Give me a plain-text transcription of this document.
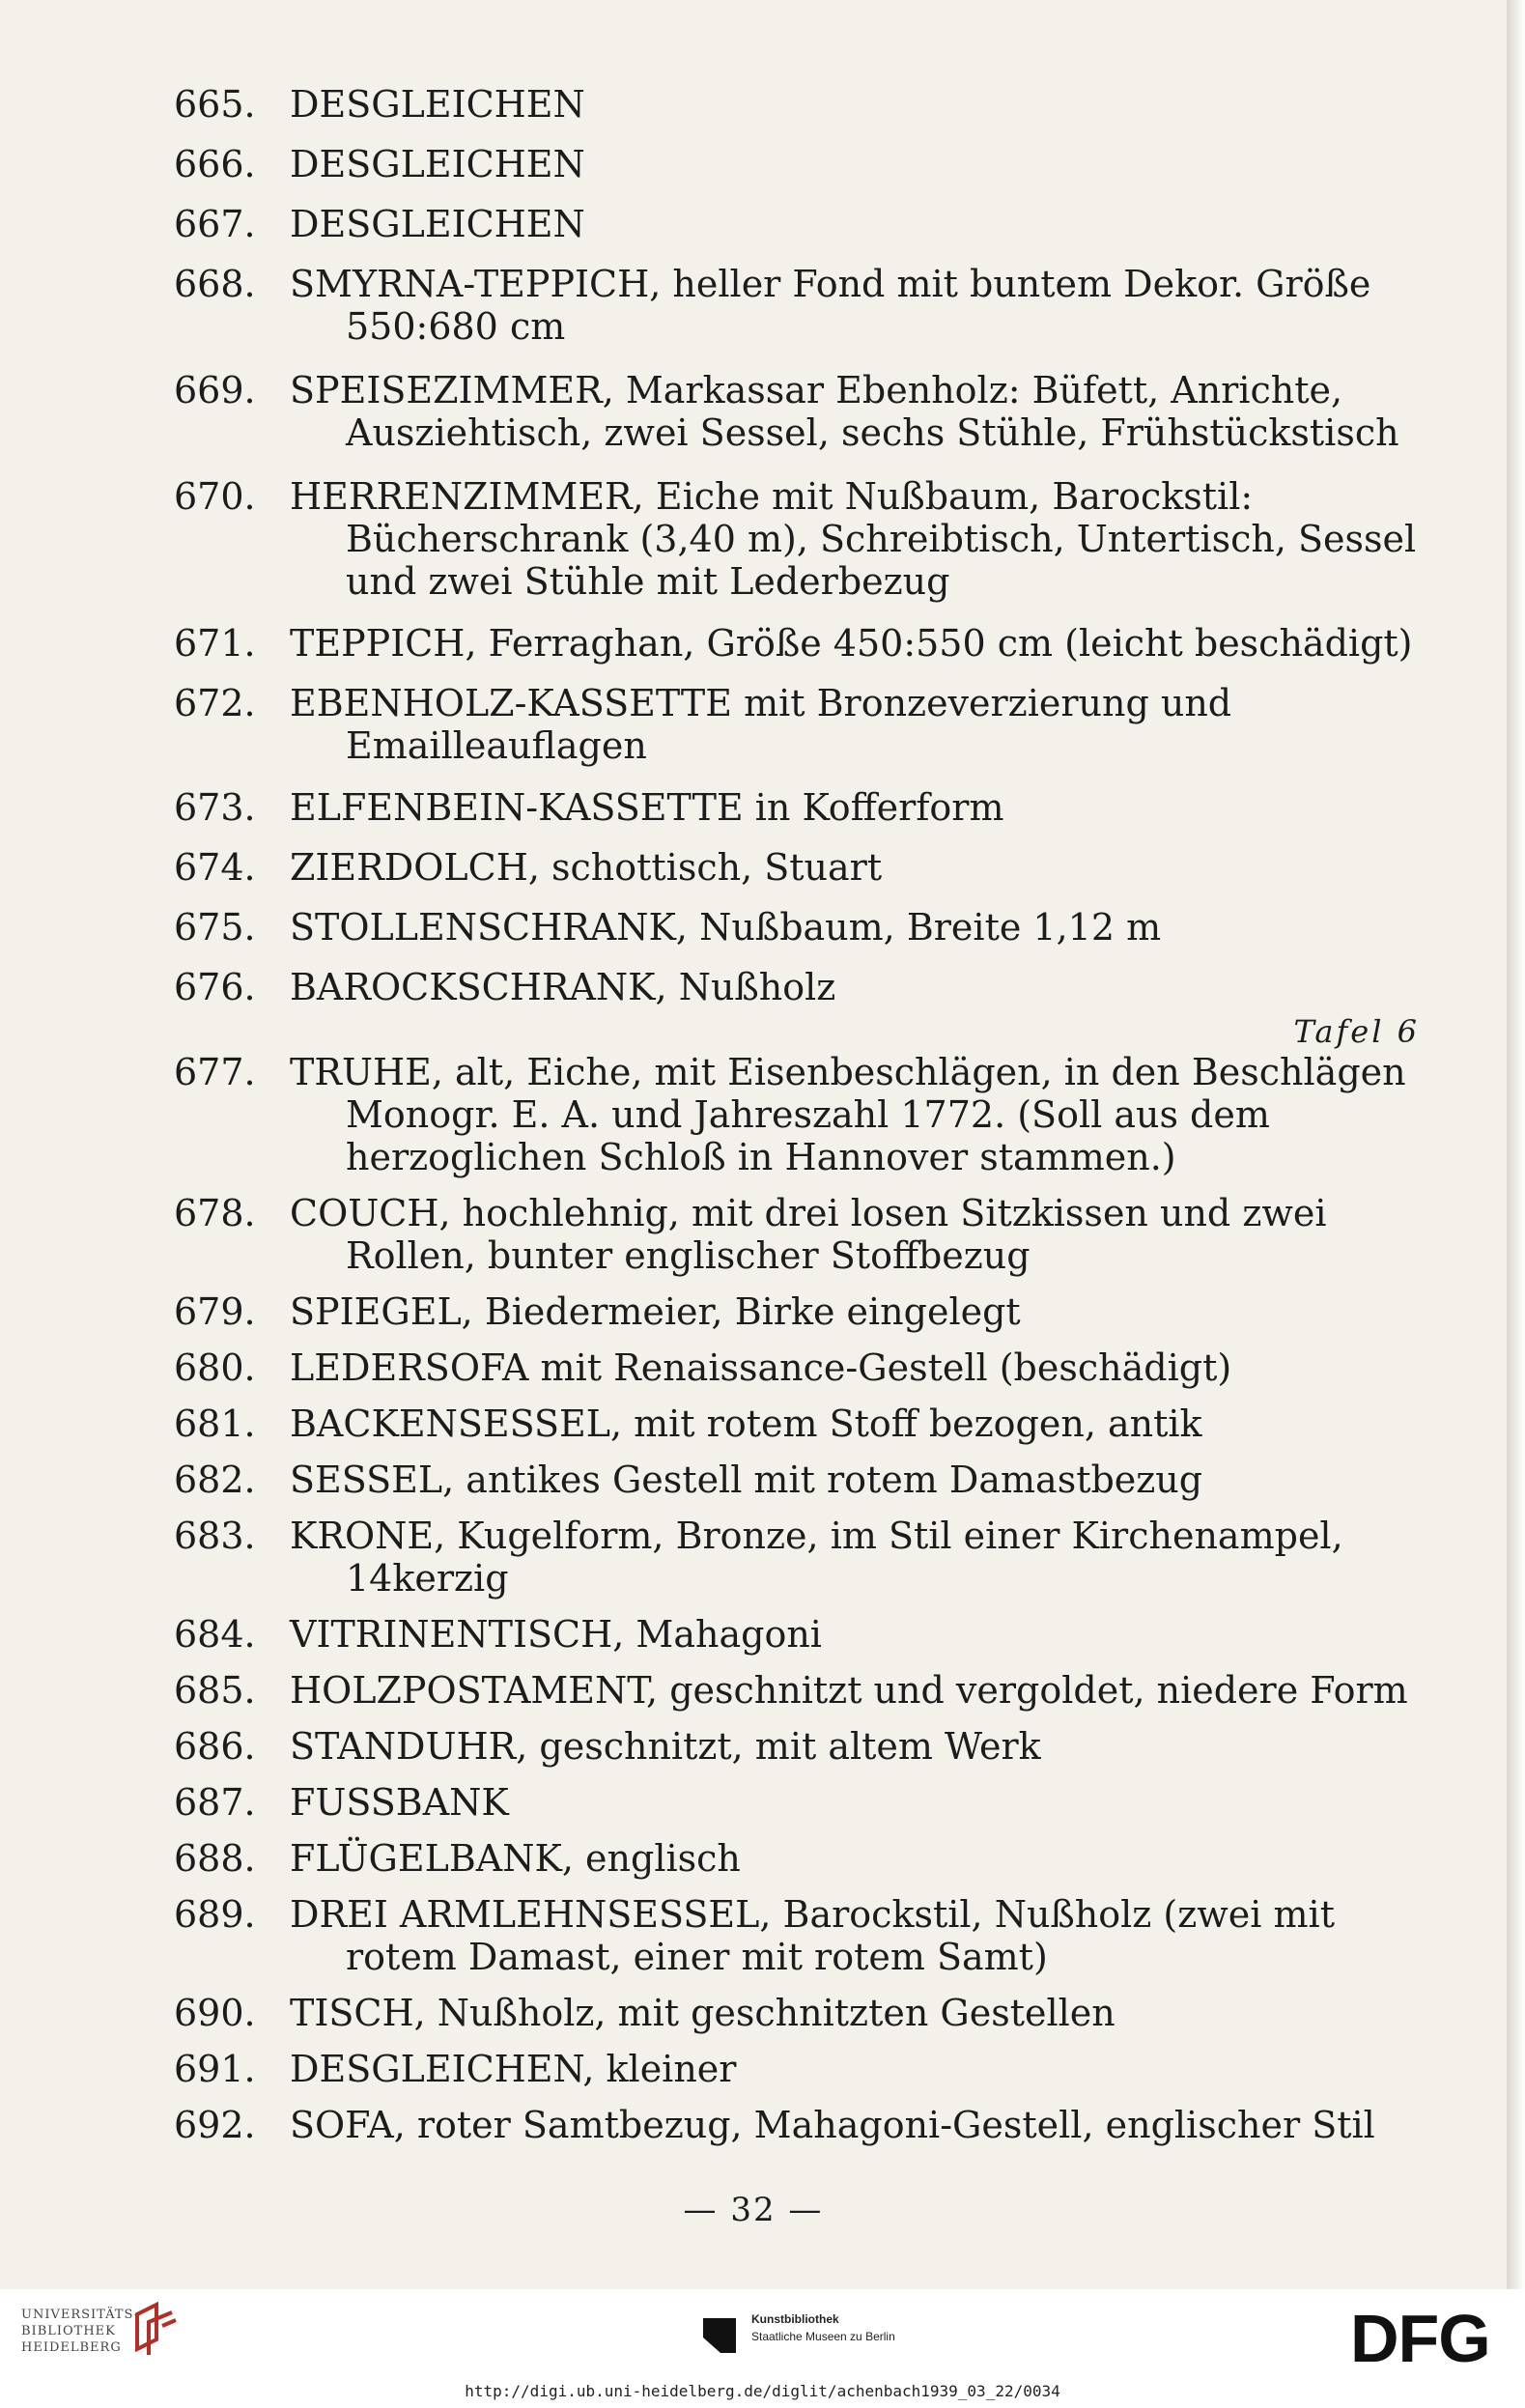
665. DESGLEICHEN
666. DESGLEICHEN
667. DESGLEICHEN
668. SMYRNA-TEPPICH, heller Fond mit buntem Dekor. Größe 550:680 cm
669. SPEISEZIMMER, Markassar Ebenholz: Büfett, Anrichte, Ausziehtisch, zwei Sessel, sechs Stühle, Frühstückstisch
670. HERRENZIMMER, Eiche mit Nußbaum, Barockstil: Bücherschrank (3,40 m), Schreibtisch, Untertisch, Sessel und zwei Stühle mit Lederbezug
671. TEPPICH, Ferraghan, Größe 450:550 cm (leicht beschädigt)
672. EBENHOLZ-KASSETTE mit Bronzeverzierung und Emailleauflagen
673. ELFENBEIN-KASSETTE in Kofferform
674. ZIERDOLCH, schottisch, Stuart
675. STOLLENSCHRANK, Nußbaum, Breite 1,12 m
676. BAROCKSCHRANK, Nußholz
Tafel 6
677. TRUHE, alt, Eiche, mit Eisenbeschlägen, in den Beschlägen Monogr. E. A. und Jahreszahl 1772. (Soll aus dem herzoglichen Schloß in Hannover stammen.)
678. COUCH, hochlehnig, mit drei losen Sitzkissen und zwei Rollen, bunter englischer Stoffbezug
679. SPIEGEL, Biedermeier, Birke eingelegt
680. LEDERSOFA mit Renaissance-Gestell (beschädigt)
681. BACKENSESSEL, mit rotem Stoff bezogen, antik
682. SESSEL, antikes Gestell mit rotem Damastbezug
683. KRONE, Kugelform, Bronze, im Stil einer Kirchenampel, 14kerzig
684. VITRINENTISCH, Mahagoni
685. HOLZPOSTAMENT, geschnitzt und vergoldet, niedere Form
686. STANDUHR, geschnitzt, mit altem Werk
687. FUSSBANK
688. FLÜGELBANK, englisch
689. DREI ARMLEHNSESSEL, Barockstil, Nußholz (zwei mit rotem Damast, einer mit rotem Samt)
690. TISCH, Nußholz, mit geschnitzten Gestellen
691. DESGLEICHEN, kleiner
692. SOFA, roter Samtbezug, Mahagoni-Gestell, englischer Stil
— 32 —
UNIVERSITÄTS-
BIBLIOTHEK
HEIDELBERG
Kunstbibliothek
Staatliche Museen zu Berlin	DFG
http://digi.ub.uni-heidelberg.de/diglit/achenbach1939_03_22/0034
